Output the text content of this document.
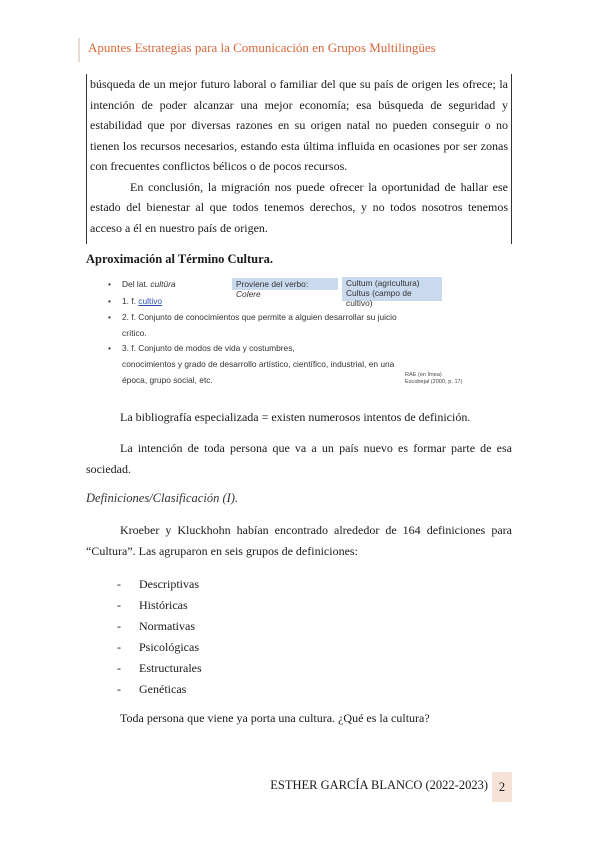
Apuntes Estrategias para la Comunicación en Grupos Multilingües

búsqueda de un mejor futuro laboral o familiar del que su país de origen les ofrece; la intención de poder alcanzar una mejor economía; esa búsqueda de seguridad y estabilidad que por diversas razones en su origen natal no pueden conseguir o no tienen los recursos necesarios, estando esta última influida en ocasiones por ser zonas con frecuentes conflictos bélicos o de pocos recursos.

En conclusión, la migración nos puede ofrecer la oportunidad de hallar ese estado del bienestar al que todos tenemos derechos, y no todos nosotros tenemos acceso a él en nuestro país de origen.

Aproximación al Término Cultura.
• Del lat. cultūra	Proviene del verbo: Colere
Cultum (agricultura)
Cultus (campo de cultivo)
• 1. f. cultivo
• 2. f. Conjunto de conocimientos que permite a alguien desarrollar su juicio
crítico.
• 3. f. Conjunto de modos de vida y costumbres,
conocimientos y grado de desarrollo artístico, científico, industrial, en una
época, grupo social, etc.	RAE (en línea)
Escobejal (2000, p. 17)
La bibliografía especializada = existen numerosos intentos de definición.

La intención de toda persona que va a un país nuevo es formar parte de esa sociedad.

Definiciones/Clasificación (I).

Kroeber y Kluckhohn habían encontrado alrededor de 164 definiciones para “Cultura”. Las agruparon en seis grupos de definiciones:

- Descriptivas
- Históricas
- Normativas
- Psicológicas
- Estructurales
- Genéticas
Toda persona que viene ya porta una cultura. ¿Qué es la cultura?
ESTHER GARCÍA BLANCO (2022-2023) 2
